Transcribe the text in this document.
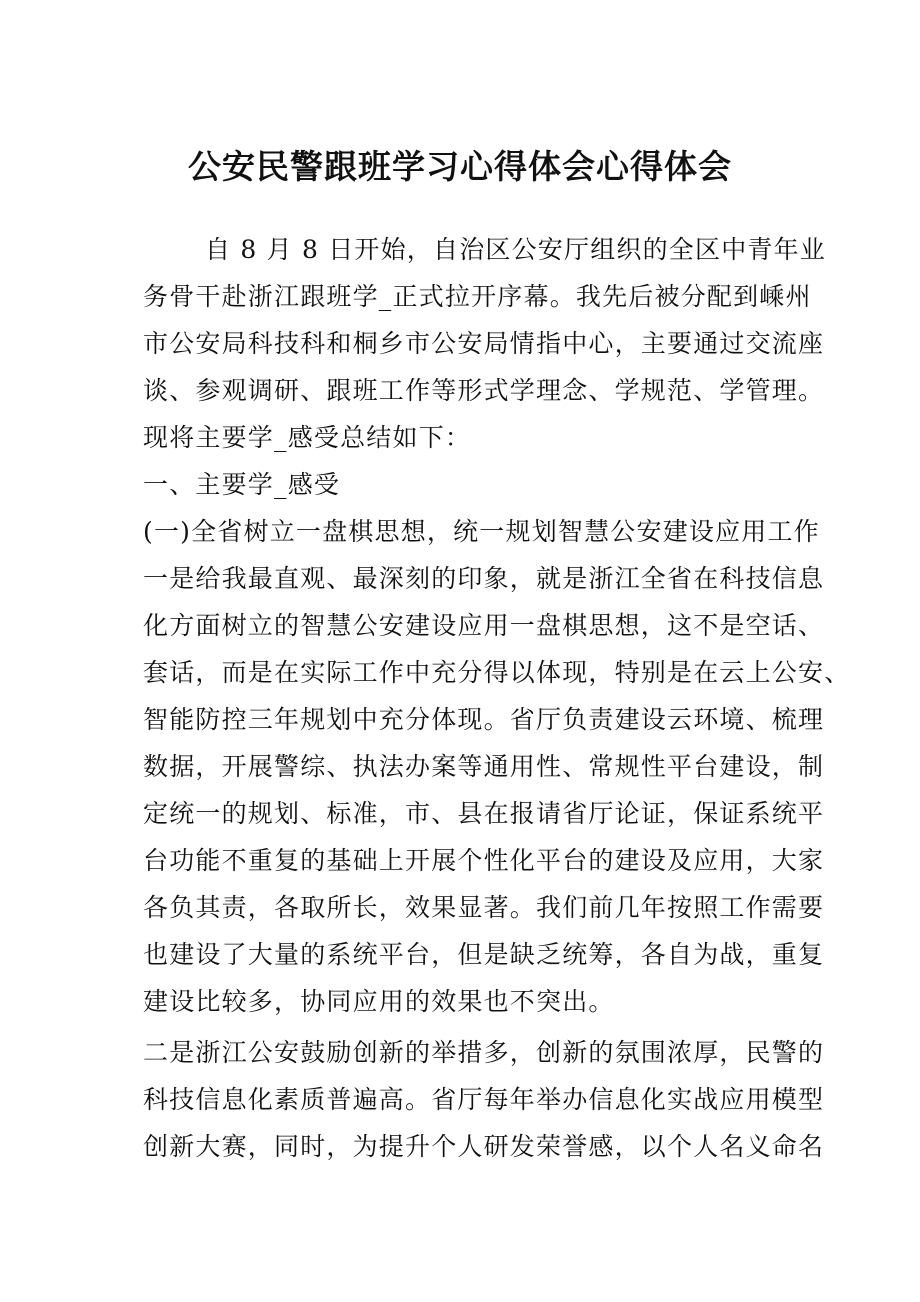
公安民警跟班学习心得体会心得体会
自 8 月 8 日开始，自治区公安厅组织的全区中青年业
务骨干赴浙江跟班学_正式拉开序幕。我先后被分配到嵊州
市公安局科技科和桐乡市公安局情指中心，主要通过交流座
谈、参观调研、跟班工作等形式学理念、学规范、学管理。
现将主要学_感受总结如下：
一、主要学_感受
(一)全省树立一盘棋思想，统一规划智慧公安建设应用工作
一是给我最直观、最深刻的印象，就是浙江全省在科技信息
化方面树立的智慧公安建设应用一盘棋思想，这不是空话、
套话，而是在实际工作中充分得以体现，特别是在云上公安、
智能防控三年规划中充分体现。省厅负责建设云环境、梳理
数据，开展警综、执法办案等通用性、常规性平台建设，制
定统一的规划、标准，市、县在报请省厅论证，保证系统平
台功能不重复的基础上开展个性化平台的建设及应用，大家
各负其责，各取所长，效果显著。我们前几年按照工作需要
也建设了大量的系统平台，但是缺乏统筹，各自为战，重复
建设比较多，协同应用的效果也不突出。
二是浙江公安鼓励创新的举措多，创新的氛围浓厚，民警的
科技信息化素质普遍高。省厅每年举办信息化实战应用模型
创新大赛，同时，为提升个人研发荣誉感，以个人名义命名
